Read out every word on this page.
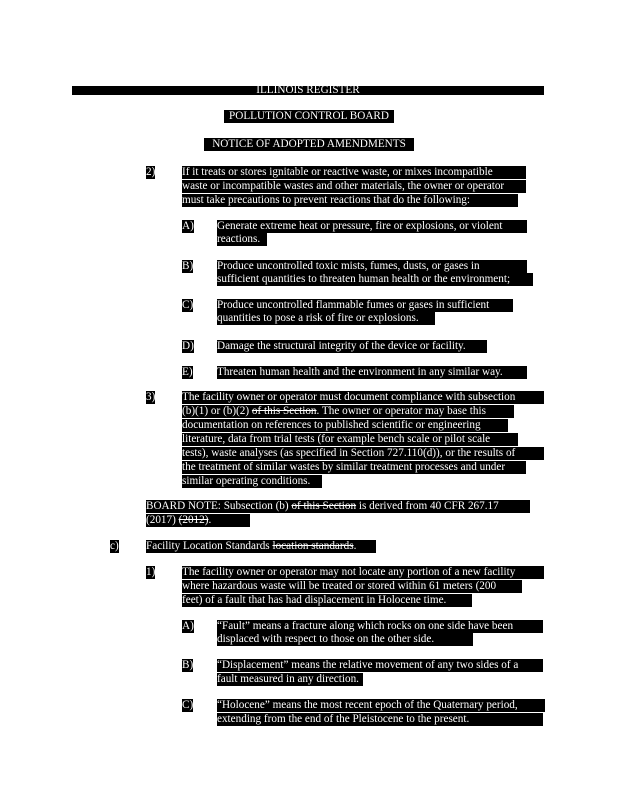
ILLINOIS REGISTER
POLLUTION CONTROL BOARD
NOTICE OF ADOPTED AMENDMENTS
2) If it treats or stores ignitable or reactive waste, or mixes incompatible
waste or incompatible wastes and other materials, the owner or operator
must take precautions to prevent reactions that do the following:
A) Generate extreme heat or pressure, fire or explosions, or violent
reactions.
B) Produce uncontrolled toxic mists, fumes, dusts, or gases in
sufficient quantities to threaten human health or the environment;
C) Produce uncontrolled flammable fumes or gases in sufficient
quantities to pose a risk of fire or explosions.
D) Damage the structural integrity of the device or facility.
E) Threaten human health and the environment in any similar way.
3) The facility owner or operator must document compliance with subsection
(b)(1) or (b)(2) of this Section. The owner or operator may base this
documentation on references to published scientific or engineering
literature, data from trial tests (for example bench scale or pilot scale
tests), waste analyses (as specified in Section 727.110(d)), or the results of
the treatment of similar wastes by similar treatment processes and under
similar operating conditions.
BOARD NOTE: Subsection (b) of this Section is derived from 40 CFR 267.17
(2017) (2012).
c) Facility Location Standards location standards.
1) The facility owner or operator may not locate any portion of a new facility
where hazardous waste will be treated or stored within 61 meters (200
feet) of a fault that has had displacement in Holocene time.
A) “Fault” means a fracture along which rocks on one side have been
displaced with respect to those on the other side.
B) “Displacement” means the relative movement of any two sides of a
fault measured in any direction.
C) “Holocene” means the most recent epoch of the Quaternary period,
extending from the end of the Pleistocene to the present.
